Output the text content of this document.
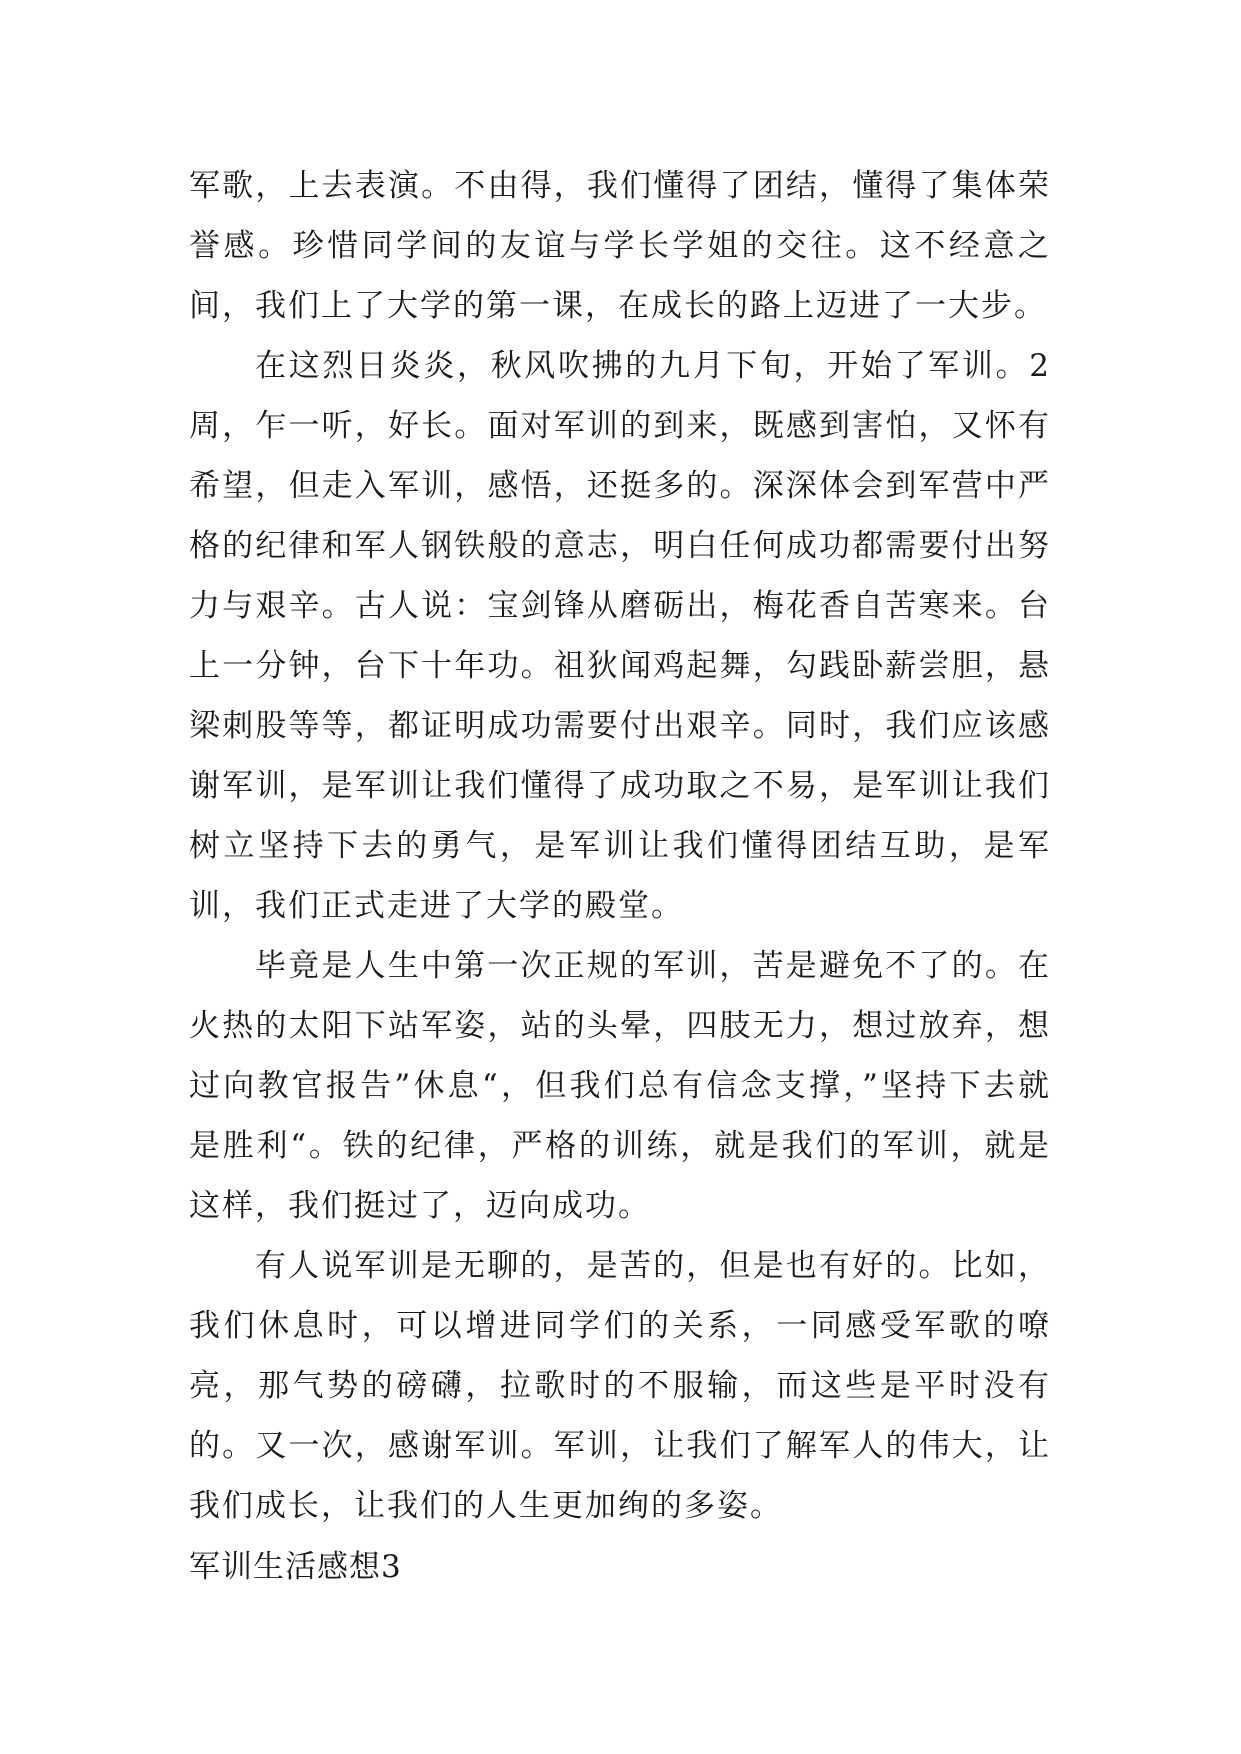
军歌，上去表演。不由得，我们懂得了团结，懂得了集体荣誉感。珍惜同学间的友谊与学长学姐的交往。这不经意之间，我们上了大学的第一课，在成长的路上迈进了一大步。

在这烈日炎炎，秋风吹拂的九月下旬，开始了军训。2周，乍一听，好长。面对军训的到来，既感到害怕，又怀有希望，但走入军训，感悟，还挺多的。深深体会到军营中严格的纪律和军人钢铁般的意志，明白任何成功都需要付出努力与艰辛。古人说：宝剑锋从磨砺出，梅花香自苦寒来。台上一分钟，台下十年功。祖狄闻鸡起舞，勾践卧薪尝胆，悬梁刺股等等，都证明成功需要付出艰辛。同时，我们应该感谢军训，是军训让我们懂得了成功取之不易，是军训让我们树立坚持下去的勇气，是军训让我们懂得团结互助，是军训，我们正式走进了大学的殿堂。

毕竟是人生中第一次正规的军训，苦是避免不了的。在火热的太阳下站军姿，站的头晕，四肢无力，想过放弃，想过向教官报告”休息“，但我们总有信念支撑，”坚持下去就是胜利“。铁的纪律，严格的训练，就是我们的军训，就是这样，我们挺过了，迈向成功。

有人说军训是无聊的，是苦的，但是也有好的。比如，我们休息时，可以增进同学们的关系，一同感受军歌的嘹亮，那气势的磅礴，拉歌时的不服输，而这些是平时没有的。又一次，感谢军训。军训，让我们了解军人的伟大，让我们成长，让我们的人生更加绚的多姿。

军训生活感想3
